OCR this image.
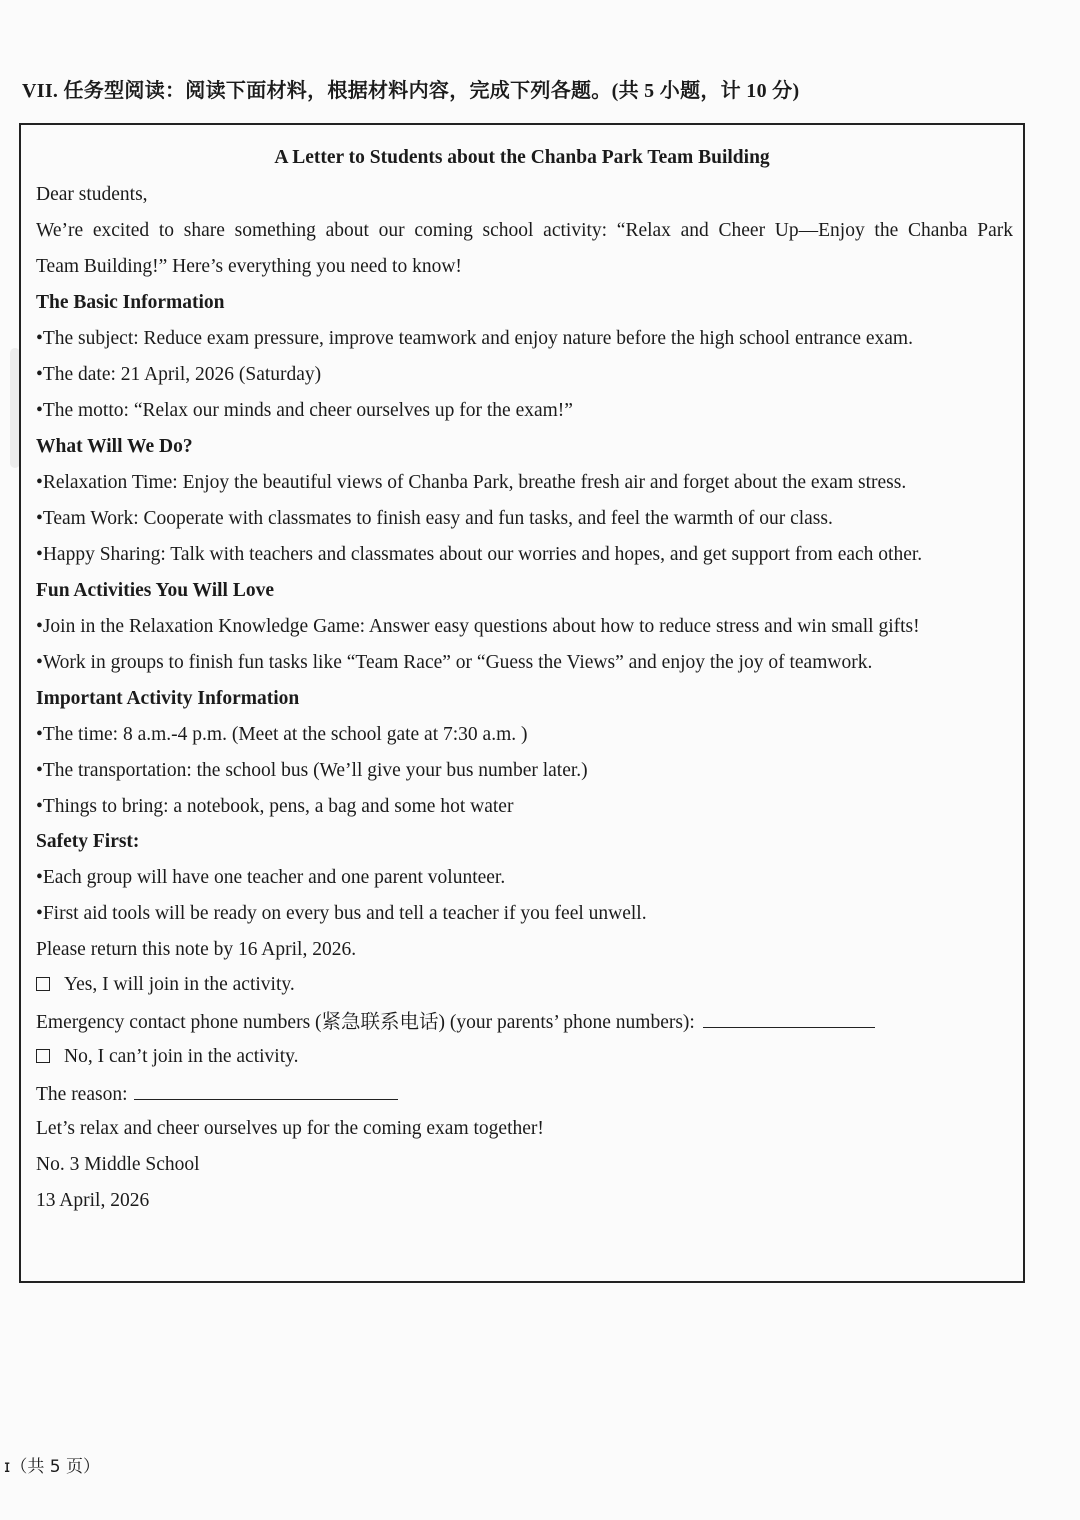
VII. 任务型阅读：阅读下面材料，根据材料内容，完成下列各题。(共 5 小题，计 10 分)
A Letter to Students about the Chanba Park Team Building
Dear students,
We’re excited to share something about our coming school activity: “Relax and Cheer Up—Enjoy the Chanba Park
Team Building!” Here’s everything you need to know!
The Basic Information
•The subject: Reduce exam pressure, improve teamwork and enjoy nature before the high school entrance exam.
•The date: 21 April, 2026 (Saturday)
•The motto: “Relax our minds and cheer ourselves up for the exam!”
What Will We Do?
•Relaxation Time: Enjoy the beautiful views of Chanba Park, breathe fresh air and forget about the exam stress.
•Team Work: Cooperate with classmates to finish easy and fun tasks, and feel the warmth of our class.
•Happy Sharing: Talk with teachers and classmates about our worries and hopes, and get support from each other.
Fun Activities You Will Love
•Join in the Relaxation Knowledge Game: Answer easy questions about how to reduce stress and win small gifts!
•Work in groups to finish fun tasks like “Team Race” or “Guess the Views” and enjoy the joy of teamwork.
Important Activity Information
•The time: 8 a.m.-4 p.m. (Meet at the school gate at 7:30 a.m. )
•The transportation: the school bus (We’ll give your bus number later.)
•Things to bring: a notebook, pens, a bag and some hot water
Safety First:
•Each group will have one teacher and one parent volunteer.
•First aid tools will be ready on every bus and tell a teacher if you feel unwell.
Please return this note by 16 April, 2026.
Yes, I will join in the activity.
Emergency contact phone numbers (紧急联系电话) (your parents’ phone numbers):
No, I can’t join in the activity.
The reason:
Let’s relax and cheer ourselves up for the coming exam together!
No. 3 Middle School
13 April, 2026
ɪ（共 5 页）
